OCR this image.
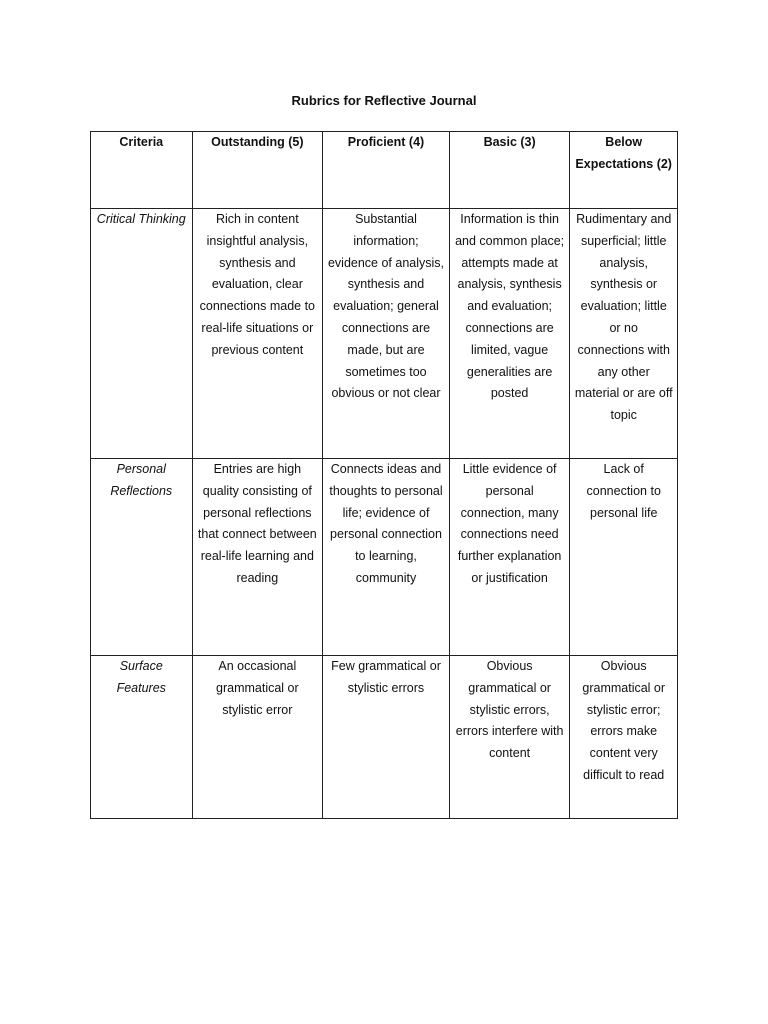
Rubrics for Reflective Journal
Criteria	Outstanding (5)	Proficient (4)	Basic (3)	Below Expectations (2)
Critical Thinking	Rich in content insightful analysis, synthesis and evaluation, clear connections made to real-life situations or previous content	Substantial information; evidence of analysis, synthesis and evaluation; general connections are made, but are sometimes too obvious or not clear	Information is thin and common place; attempts made at analysis, synthesis and evaluation; connections are limited, vague generalities are posted	Rudimentary and superficial; little analysis, synthesis or evaluation; little or no connections with any other material or are off topic
Personal Reflections	Entries are high quality consisting of personal reflections that connect between real-life learning and reading	Connects ideas and thoughts to personal life; evidence of personal connection to learning, community	Little evidence of personal connection, many connections need further explanation or justification	Lack of connection to personal life
Surface Features	An occasional grammatical or stylistic error	Few grammatical or stylistic errors	Obvious grammatical or stylistic errors, errors interfere with content	Obvious grammatical or stylistic error; errors make content very difficult to read
